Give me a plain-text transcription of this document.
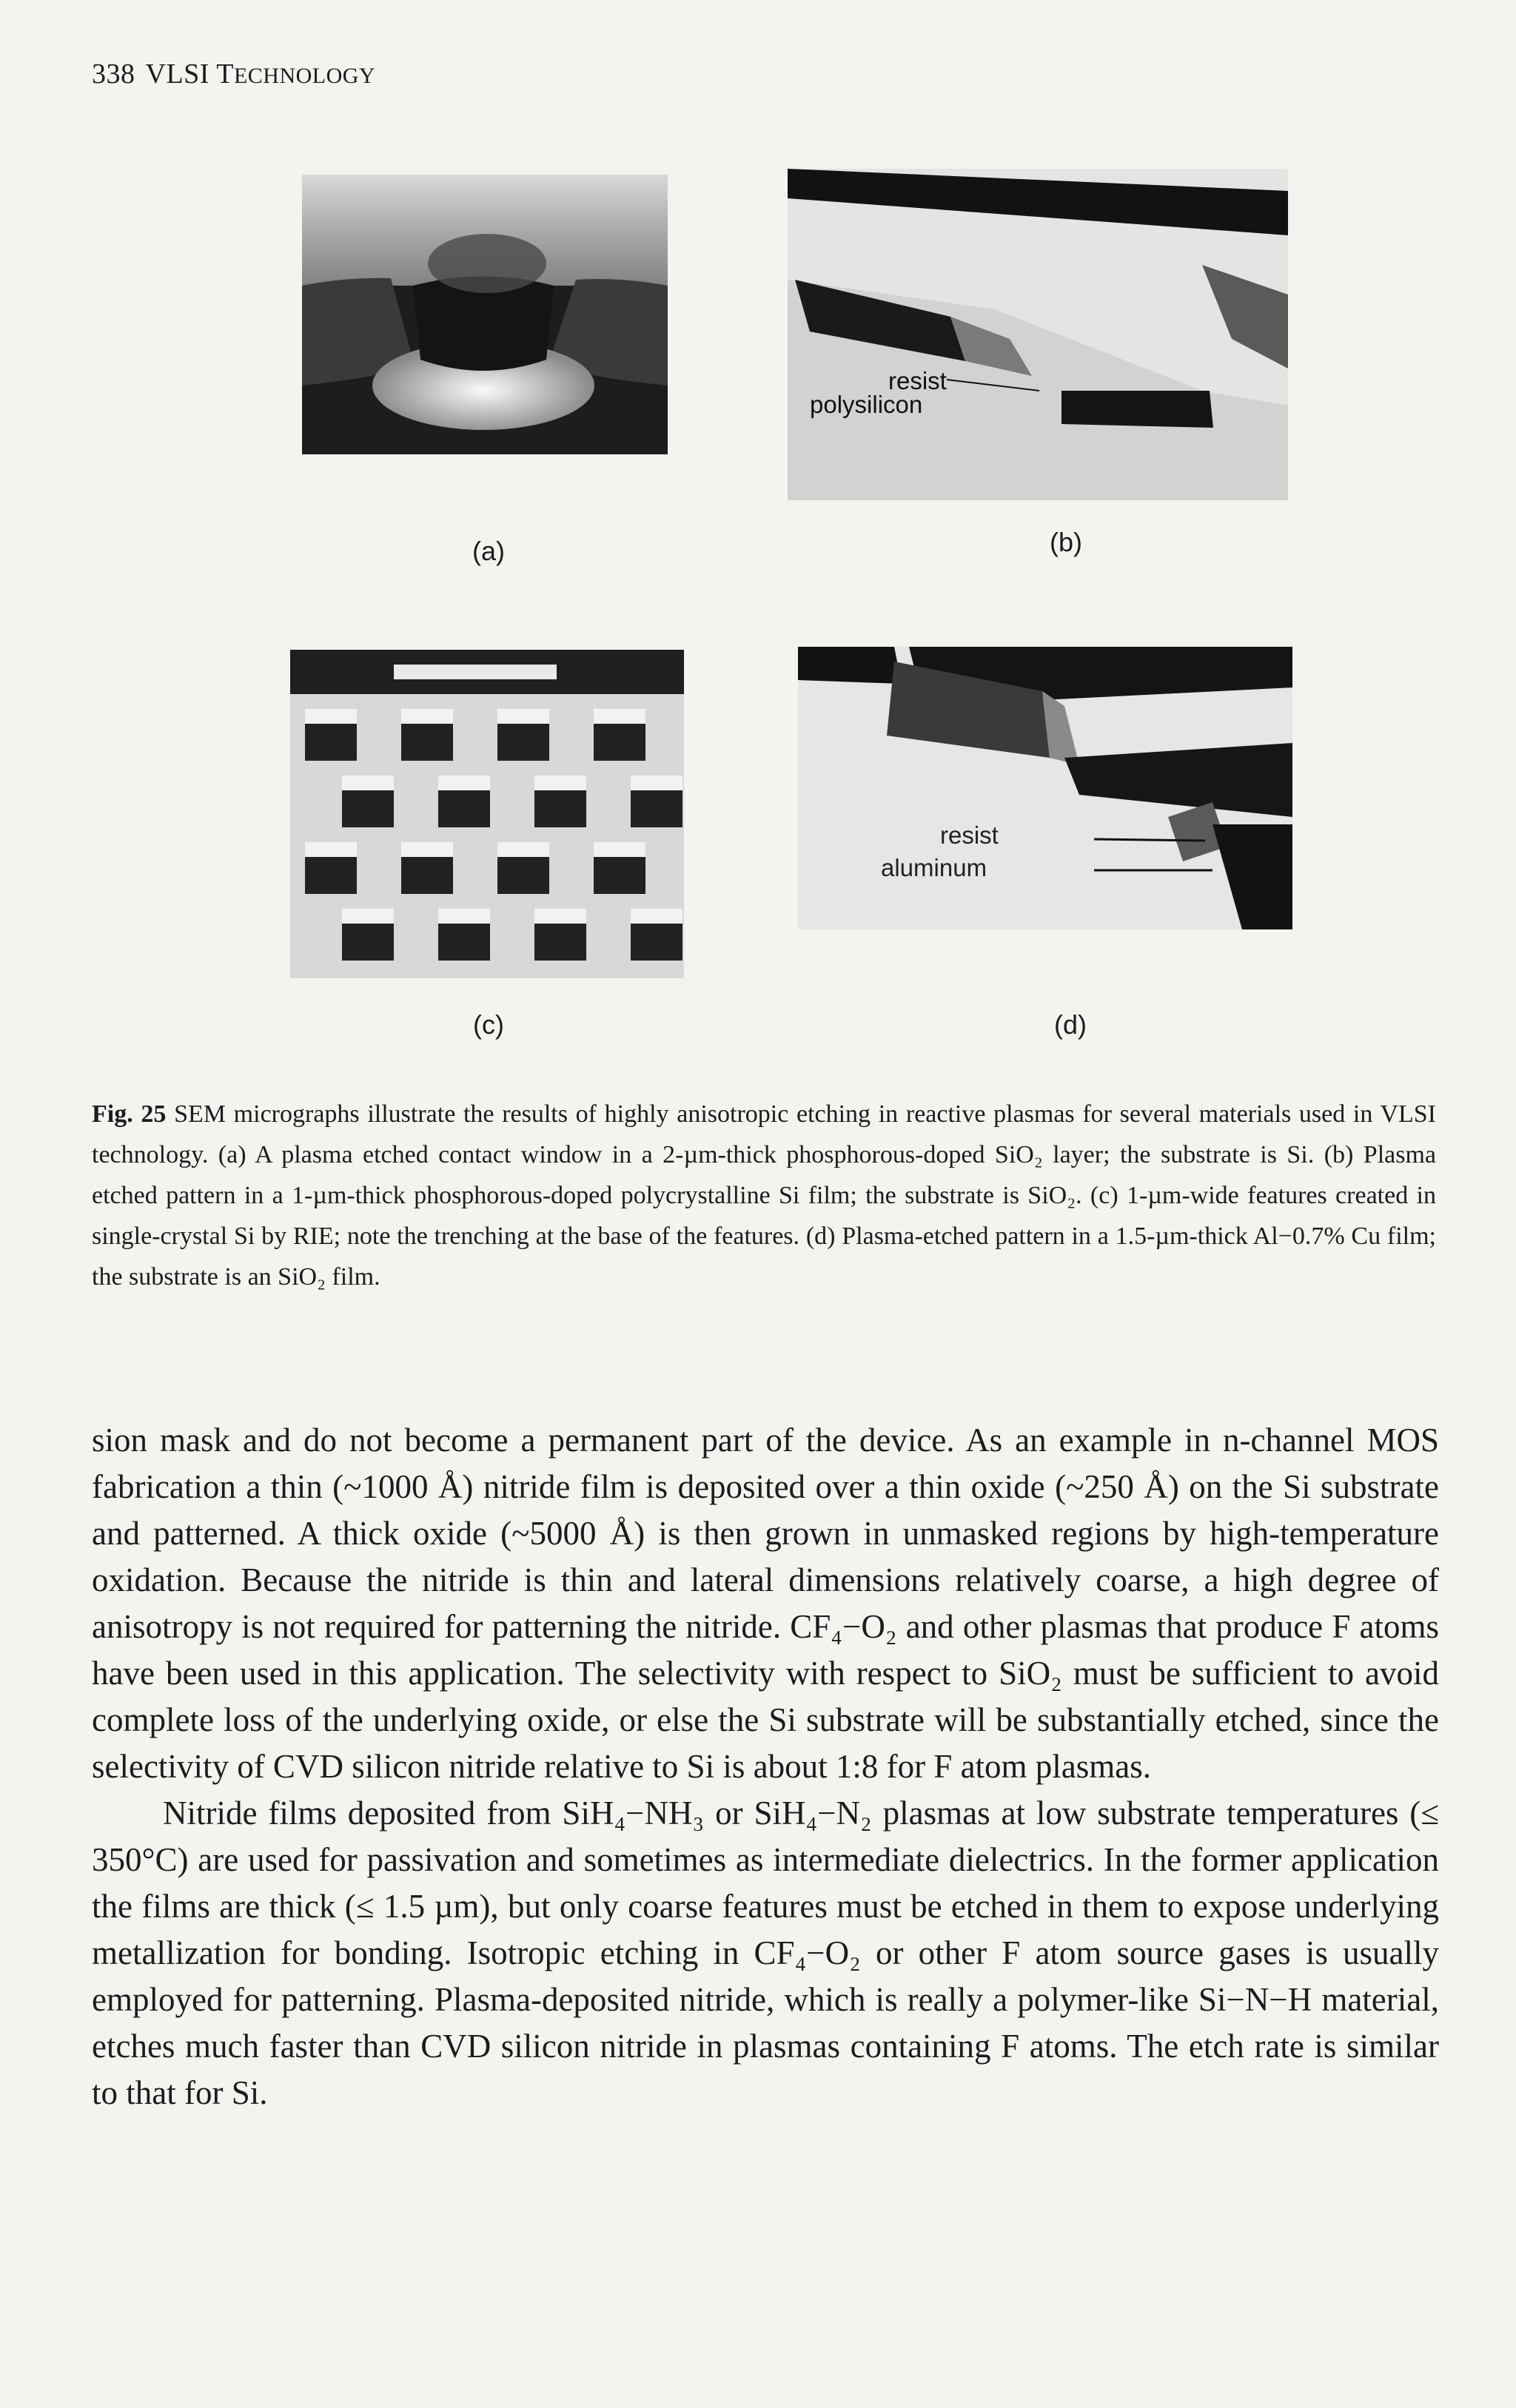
338 VLSI TECHNOLOGY
(a)
resist
polysilicon
(b)
(c)
resist
aluminum
(d)
Fig. 25 SEM micrographs illustrate the results of highly anisotropic etching in reactive plasmas for several materials used in VLSI technology. (a) A plasma etched contact window in a 2-µm-thick phosphorous-doped SiO₂ layer; the substrate is Si. (b) Plasma etched pattern in a 1-µm-thick phosphorous-doped polycrystalline Si film; the substrate is SiO₂. (c) 1-µm-wide features created in single-crystal Si by RIE; note the trenching at the base of the features. (d) Plasma-etched pattern in a 1.5-µm-thick Al−0.7% Cu film; the substrate is an SiO₂ film.

sion mask and do not become a permanent part of the device. As an example in n-channel MOS fabrication a thin (~1000 Å) nitride film is deposited over a thin oxide (~250 Å) on the Si substrate and patterned. A thick oxide (~5000 Å) is then grown in unmasked regions by high-temperature oxidation. Because the nitride is thin and lateral dimensions relatively coarse, a high degree of anisotropy is not required for patterning the nitride. CF₄−O₂ and other plasmas that produce F atoms have been used in this application. The selectivity with respect to SiO₂ must be sufficient to avoid complete loss of the underlying oxide, or else the Si substrate will be substantially etched, since the selectivity of CVD silicon nitride relative to Si is about 1:8 for F atom plasmas.

Nitride films deposited from SiH₄−NH₃ or SiH₄−N₂ plasmas at low substrate temperatures (≤ 350°C) are used for passivation and sometimes as intermediate dielectrics. In the former application the films are thick (≤ 1.5 µm), but only coarse features must be etched in them to expose underlying metallization for bonding. Isotropic etching in CF₄−O₂ or other F atom source gases is usually employed for patterning. Plasma-deposited nitride, which is really a polymer-like Si−N−H material, etches much faster than CVD silicon nitride in plasmas containing F atoms. The etch rate is similar to that for Si.
